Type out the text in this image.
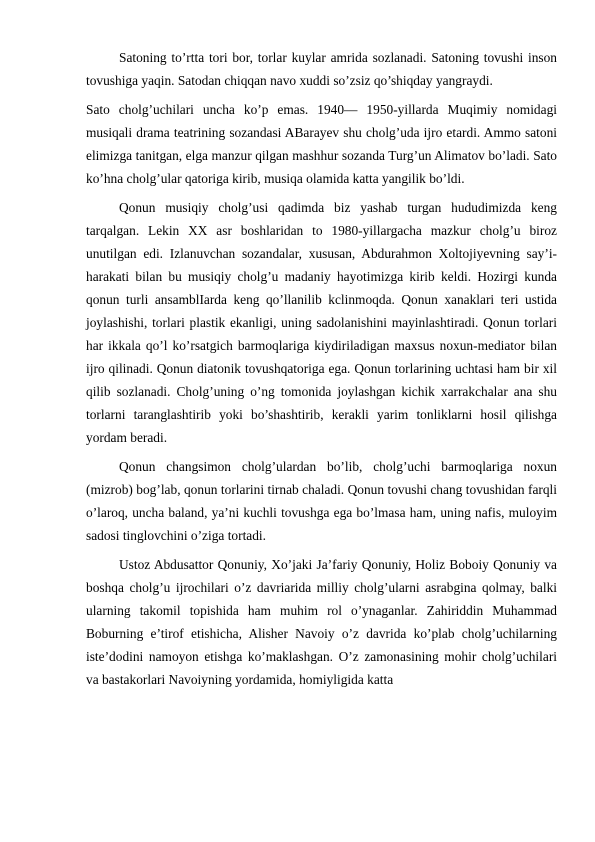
Satoning to’rtta tori bor, torlar kuylar amrida sozlanadi. Satoning tovushi inson tovushiga yaqin. Satodan chiqqan navo xuddi so’zsiz qo’shiqday yangraydi.

Sato cholg’uchilari uncha ko’p emas. 1940— 1950-yillarda Muqimiy nomidagi musiqali drama teatrining sozandasi ABarayev shu cholg’uda ijro etardi. Ammo satoni elimizga tanitgan, elga manzur qilgan mashhur sozanda Turg’un Alimatov bo’ladi. Sato ko’hna cholg’ular qatoriga kirib, musiqa olamida katta yangilik bo’ldi.

Qonun musiqiy cholg’usi qadimda biz yashab turgan hududimizda keng tarqalgan. Lekin XX asr boshlaridan to 1980-yillargacha mazkur cholg’u biroz unutilgan edi. Izlanuvchan sozandalar, xususan, Abdurahmon Xoltojiyevning say’i-harakati bilan bu musiqiy cholg’u madaniy hayotimizga kirib keldi. Hozirgi kunda qonun turli ansamblIarda keng qo’llanilib kclinmoqda. Qonun xanaklari teri ustida joylashishi, torlari plastik ekanligi, uning sadolanishini mayinlashtiradi. Qonun torlari har ikkala qo’l ko’rsatgich barmoqlariga kiydiriladigan maxsus noxun-mediator bilan ijro qilinadi. Qonun diatonik tovushqatoriga ega. Qonun torlarining uchtasi ham bir xil qilib sozlanadi. Cholg’uning o’ng tomonida joylashgan kichik xarrakchalar ana shu torlarni taranglashtirib yoki bo’shashtirib, kerakli yarim tonliklarni hosil qilishga yordam beradi.

Qonun changsimon cholg’ulardan bo’lib, cholg’uchi barmoqlariga noxun (mizrob) bog’lab, qonun torlarini tirnab chaladi. Qonun tovushi chang tovushidan farqli o’laroq, uncha baland, ya’ni kuchli tovushga ega bo’lmasa ham, uning nafis, muloyim sadosi tinglovchini o’ziga tortadi.

Ustoz Abdusattor Qonuniy, Xo’jaki Ja’fariy Qonuniy, Holiz Boboiy Qonuniy va boshqa cholg’u ijrochilari o’z davriarida milliy cholg’ularni asrabgina qolmay, balki ularning takomil topishida ham muhim rol o’ynaganlar. Zahiriddin Muhammad Boburning e’tirof etishicha, Alisher Navoiy o’z davrida ko’plab cholg’uchilarning iste’dodini namoyon etishga ko’maklashgan. O’z zamonasining mohir cholg’uchilari va bastakorlari Navoiyning yordamida, homiyligida katta
